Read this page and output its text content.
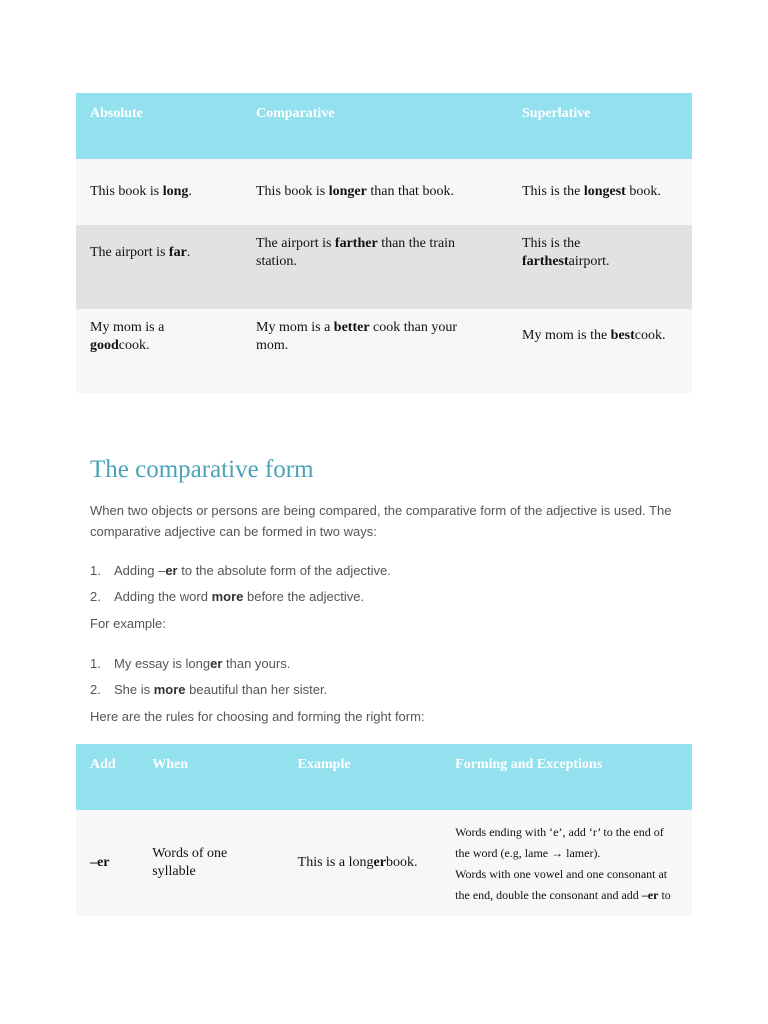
Absolute	Comparative	Superlative
This book is long.	This book is longer than that book.	This is the longest book.
The airport is far.	The airport is farther than the train station.	This is the farthestairport.
My mom is a goodcook.	My mom is a better cook than your mom.	My mom is the bestcook.
The comparative form

When two objects or persons are being compared, the comparative form of the adjective is used. The comparative adjective can be formed in two ways:

1. Adding –er to the absolute form of the adjective.
2. Adding the word more before the adjective.

For example:

1. My essay is longer than yours.
2. She is more beautiful than her sister.

Here are the rules for choosing and forming the right form:

Add	When	Example	Forming and Exceptions
–er	Words of one syllable	This is a longerbook.	Words ending with ‘e’, add ‘r’ to the end of the word (e.g, lame → lamer).
Words with one vowel and one consonant at the end, double the consonant and add –er to
